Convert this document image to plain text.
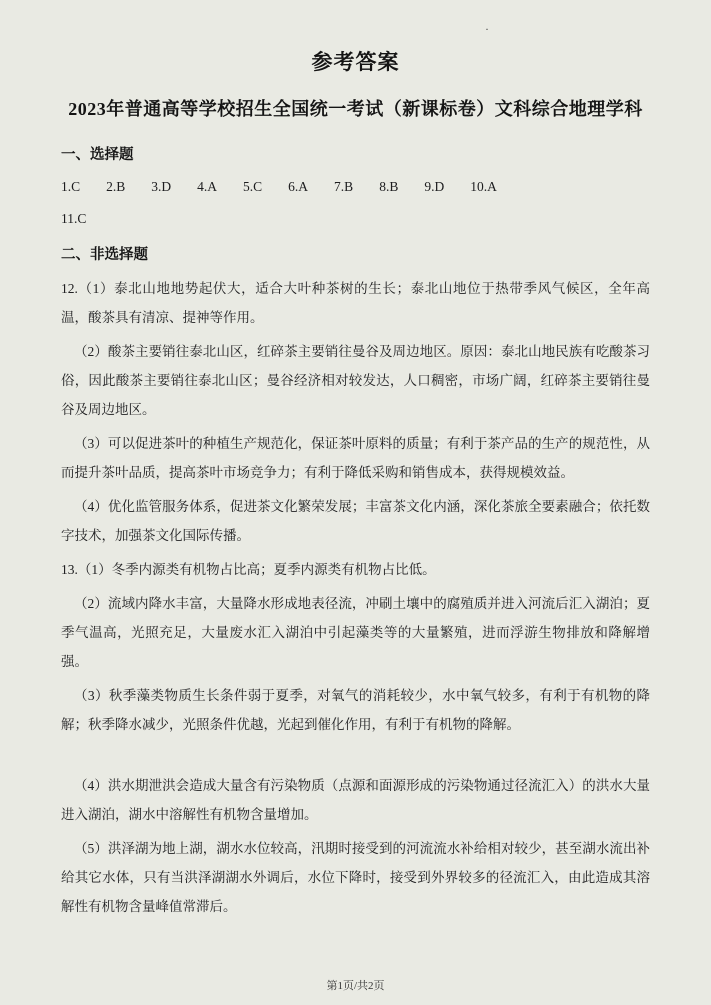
·
参考答案
2023年普通高等学校招生全国统一考试（新课标卷）文科综合地理学科
一、选择题
1.C 2.B 3.D 4.A 5.C 6.A 7.B 8.B 9.D 10.A
11.C
二、非选择题

12.（1）泰北山地地势起伏大，适合大叶种茶树的生长；泰北山地位于热带季风气候区，全年高温，酸茶具有清凉、提神等作用。

（2）酸茶主要销往泰北山区，红碎茶主要销往曼谷及周边地区。原因：泰北山地民族有吃酸茶习俗，因此酸茶主要销往泰北山区；曼谷经济相对较发达，人口稠密，市场广阔，红碎茶主要销往曼谷及周边地区。

（3）可以促进茶叶的种植生产规范化，保证茶叶原料的质量；有利于茶产品的生产的规范性，从而提升茶叶品质，提高茶叶市场竞争力；有利于降低采购和销售成本，获得规模效益。

（4）优化监管服务体系，促进茶文化繁荣发展；丰富茶文化内涵，深化茶旅全要素融合；依托数字技术，加强茶文化国际传播。

13.（1）冬季内源类有机物占比高；夏季内源类有机物占比低。

（2）流域内降水丰富，大量降水形成地表径流，冲刷土壤中的腐殖质并进入河流后汇入湖泊；夏季气温高，光照充足，大量废水汇入湖泊中引起藻类等的大量繁殖，进而浮游生物排放和降解增强。

（3）秋季藻类物质生长条件弱于夏季，对氧气的消耗较少，水中氧气较多，有利于有机物的降解；秋季降水减少，光照条件优越，光起到催化作用，有利于有机物的降解。

（4）洪水期泄洪会造成大量含有污染物质（点源和面源形成的污染物通过径流汇入）的洪水大量进入湖泊，湖水中溶解性有机物含量增加。

（5）洪泽湖为地上湖，湖水水位较高，汛期时接受到的河流流水补给相对较少，甚至湖水流出补给其它水体，只有当洪泽湖湖水外调后，水位下降时，接受到外界较多的径流汇入，由此造成其溶解性有机物含量峰值常滞后。

第1页/共2页
